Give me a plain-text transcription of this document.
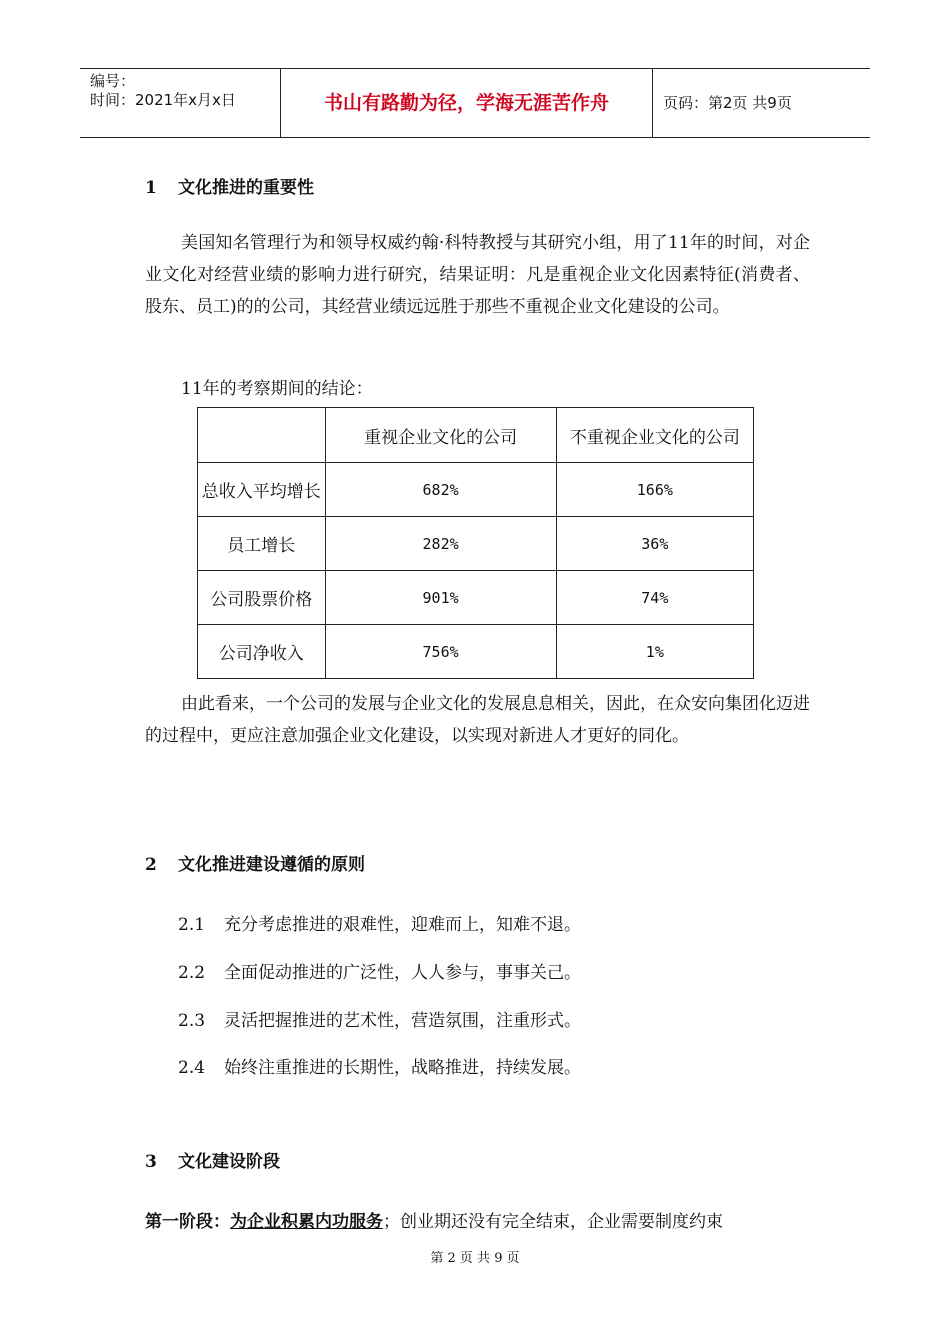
编号：
时间：2021年x月x日	书山有路勤为径，学海无涯苦作舟	页码：第2页 共9页
1 文化推进的重要性
美国知名管理行为和领导权威约翰·科特教授与其研究小组，用了11年的时间，对企业文化对经营业绩的影响力进行研究，结果证明：凡是重视企业文化因素特征(消费者、股东、员工)的的公司，其经营业绩远远胜于那些不重视企业文化建设的公司。
11年的考察期间的结论：
	重视企业文化的公司	不重视企业文化的公司
总收入平均增长	682%	166%
员工增长	282%	36%
公司股票价格	901%	74%
公司净收入	756%	1%
由此看来，一个公司的发展与企业文化的发展息息相关，因此，在众安向集团化迈进的过程中，更应注意加强企业文化建设，以实现对新进人才更好的同化。
2 文化推进建设遵循的原则
2.1 充分考虑推进的艰难性，迎难而上，知难不退。
2.2 全面促动推进的广泛性，人人参与，事事关己。
2.3 灵活把握推进的艺术性，营造氛围，注重形式。
2.4 始终注重推进的长期性，战略推进，持续发展。
3 文化建设阶段
第一阶段：为企业积累内功服务；创业期还没有完全结束，企业需要制度约束
第 2 页 共 9 页
